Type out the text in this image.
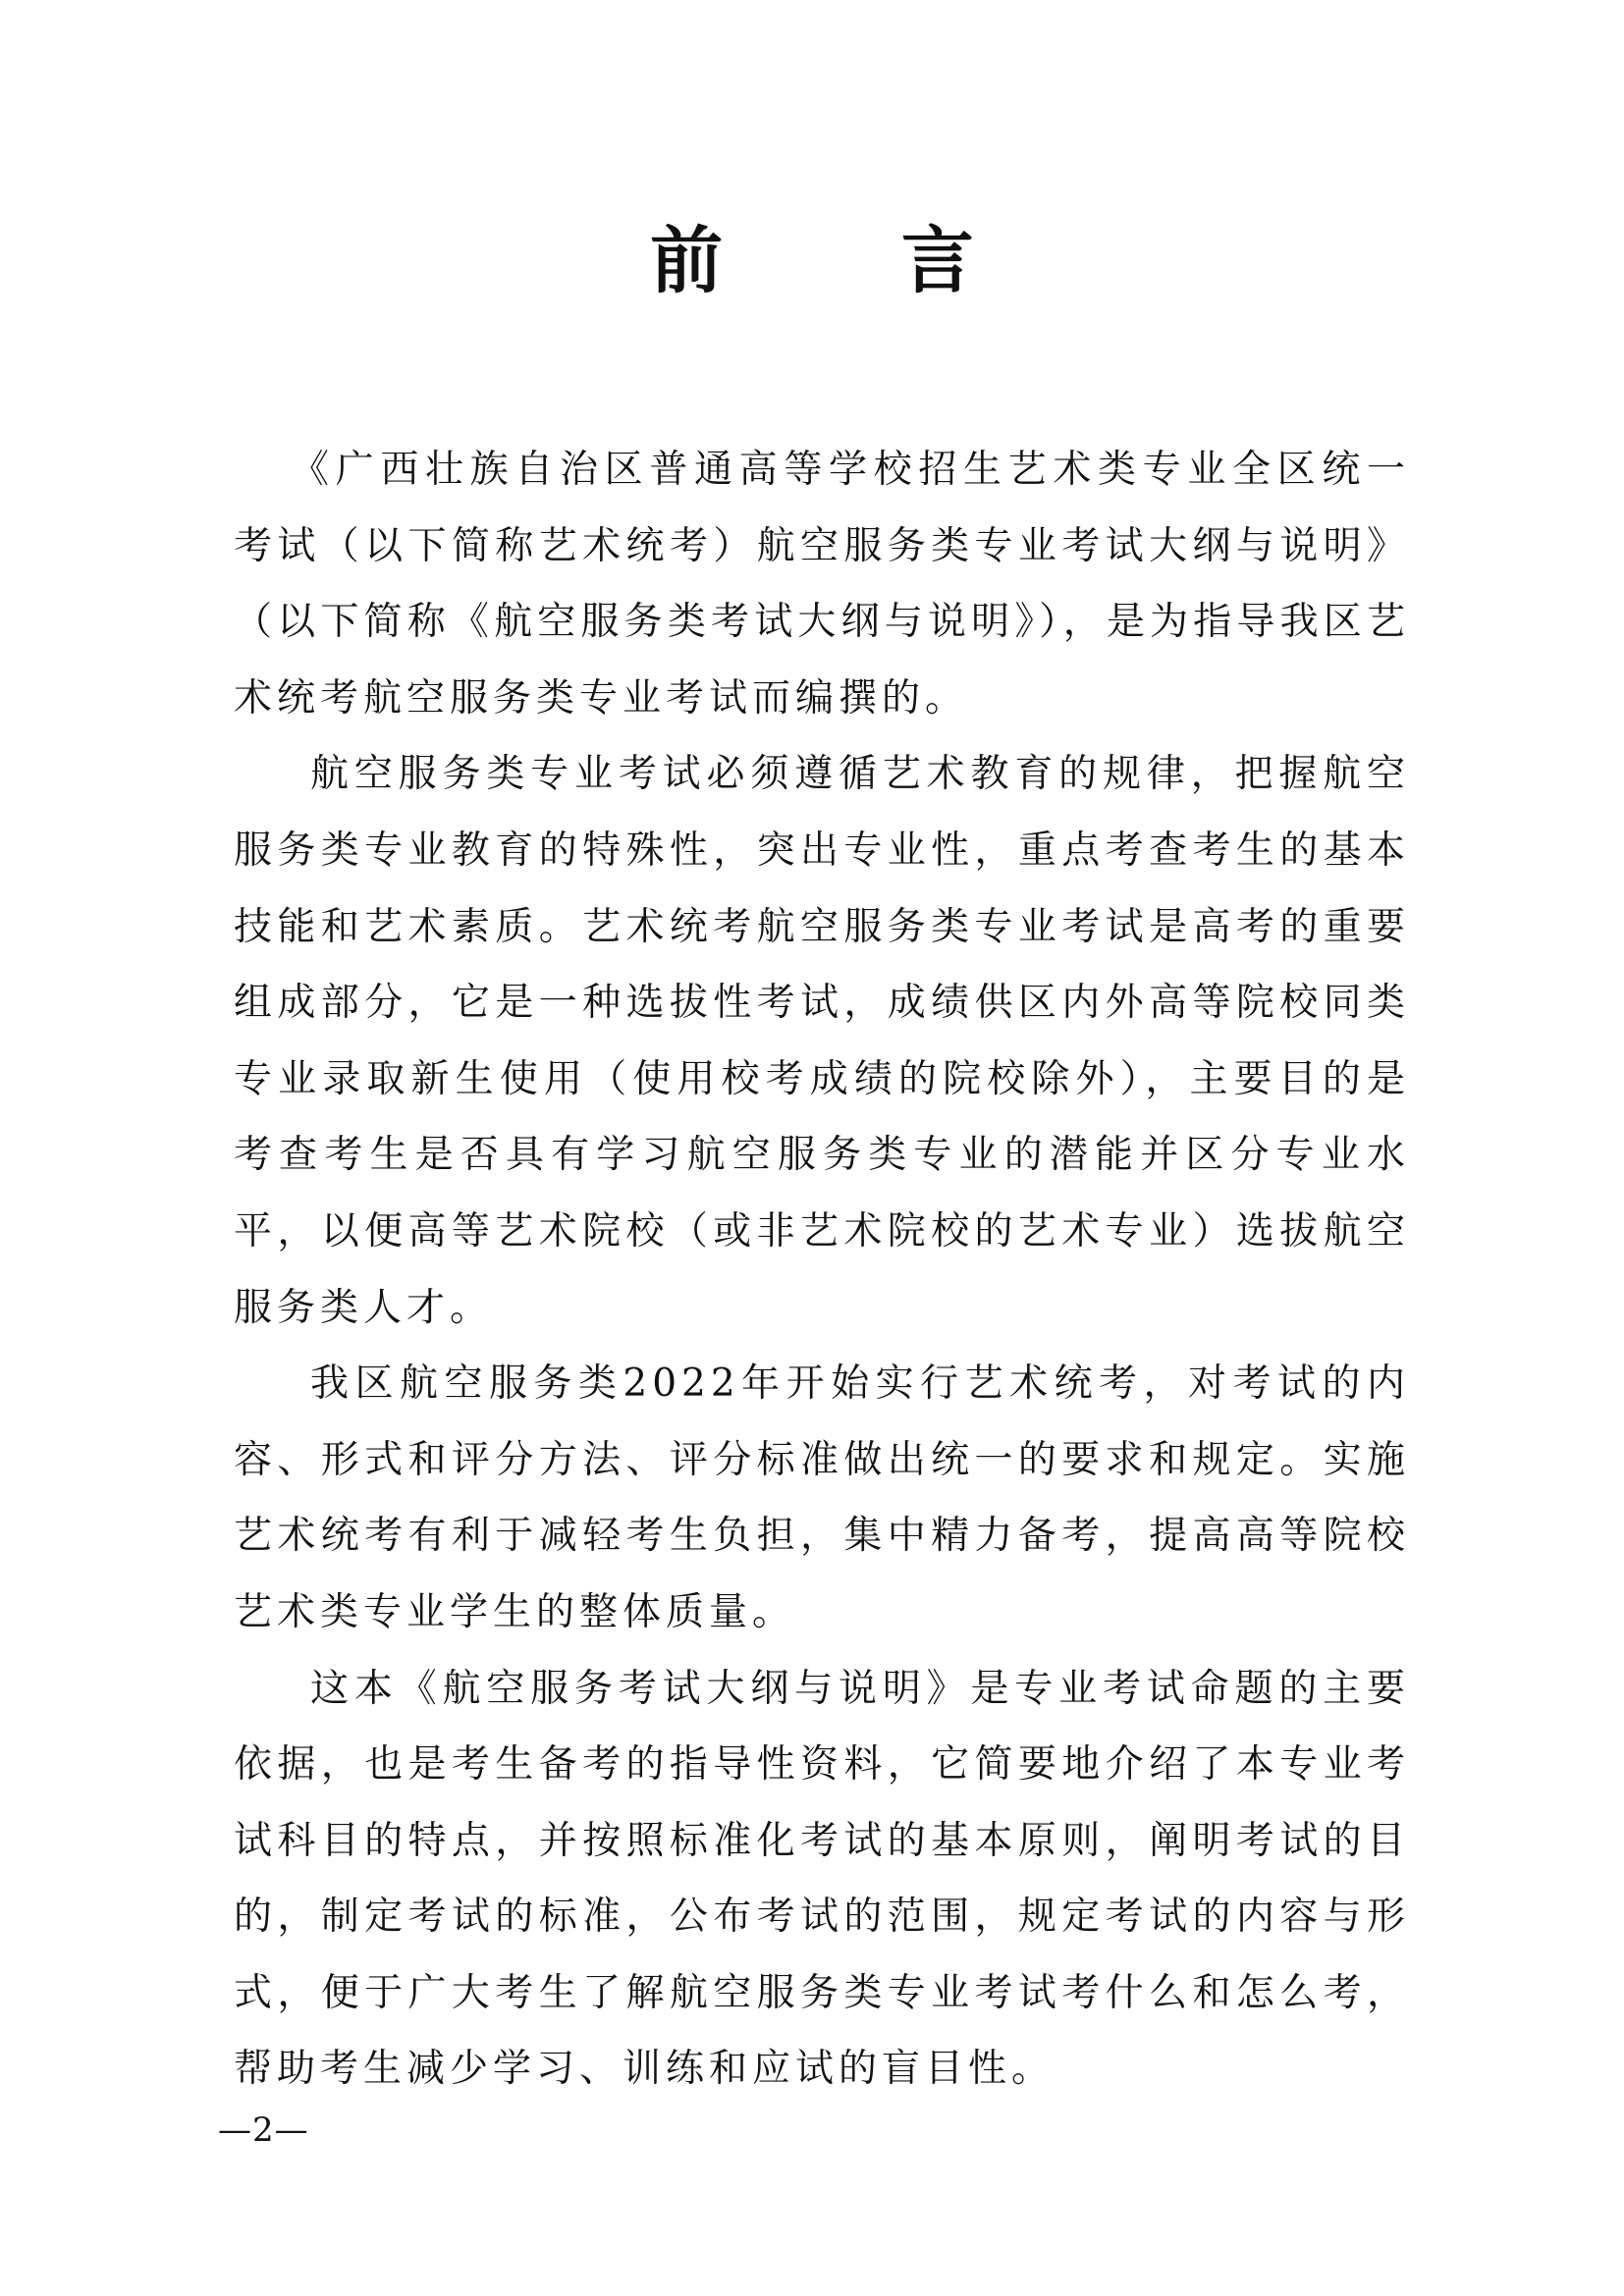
前 言

《广西壮族自治区普通高等学校招生艺术类专业全区统一考试（以下简称艺术统考）航空服务类专业考试大纲与说明》（以下简称《航空服务类考试大纲与说明》），是为指导我区艺术统考航空服务类专业考试而编撰的。

航空服务类专业考试必须遵循艺术教育的规律，把握航空服务类专业教育的特殊性，突出专业性，重点考查考生的基本技能和艺术素质。艺术统考航空服务类专业考试是高考的重要组成部分，它是一种选拔性考试，成绩供区内外高等院校同类专业录取新生使用（使用校考成绩的院校除外），主要目的是考查考生是否具有学习航空服务类专业的潜能并区分专业水平，以便高等艺术院校（或非艺术院校的艺术专业）选拔航空服务类人才。

我区航空服务类2022年开始实行艺术统考，对考试的内容、形式和评分方法、评分标准做出统一的要求和规定。实施艺术统考有利于减轻考生负担，集中精力备考，提高高等院校艺术类专业学生的整体质量。

这本《航空服务考试大纲与说明》是专业考试命题的主要依据，也是考生备考的指导性资料，它简要地介绍了本专业考试科目的特点，并按照标准化考试的基本原则，阐明考试的目的，制定考试的标准，公布考试的范围，规定考试的内容与形式，便于广大考生了解航空服务类专业考试考什么和怎么考，帮助考生减少学习、训练和应试的盲目性。

—2—
